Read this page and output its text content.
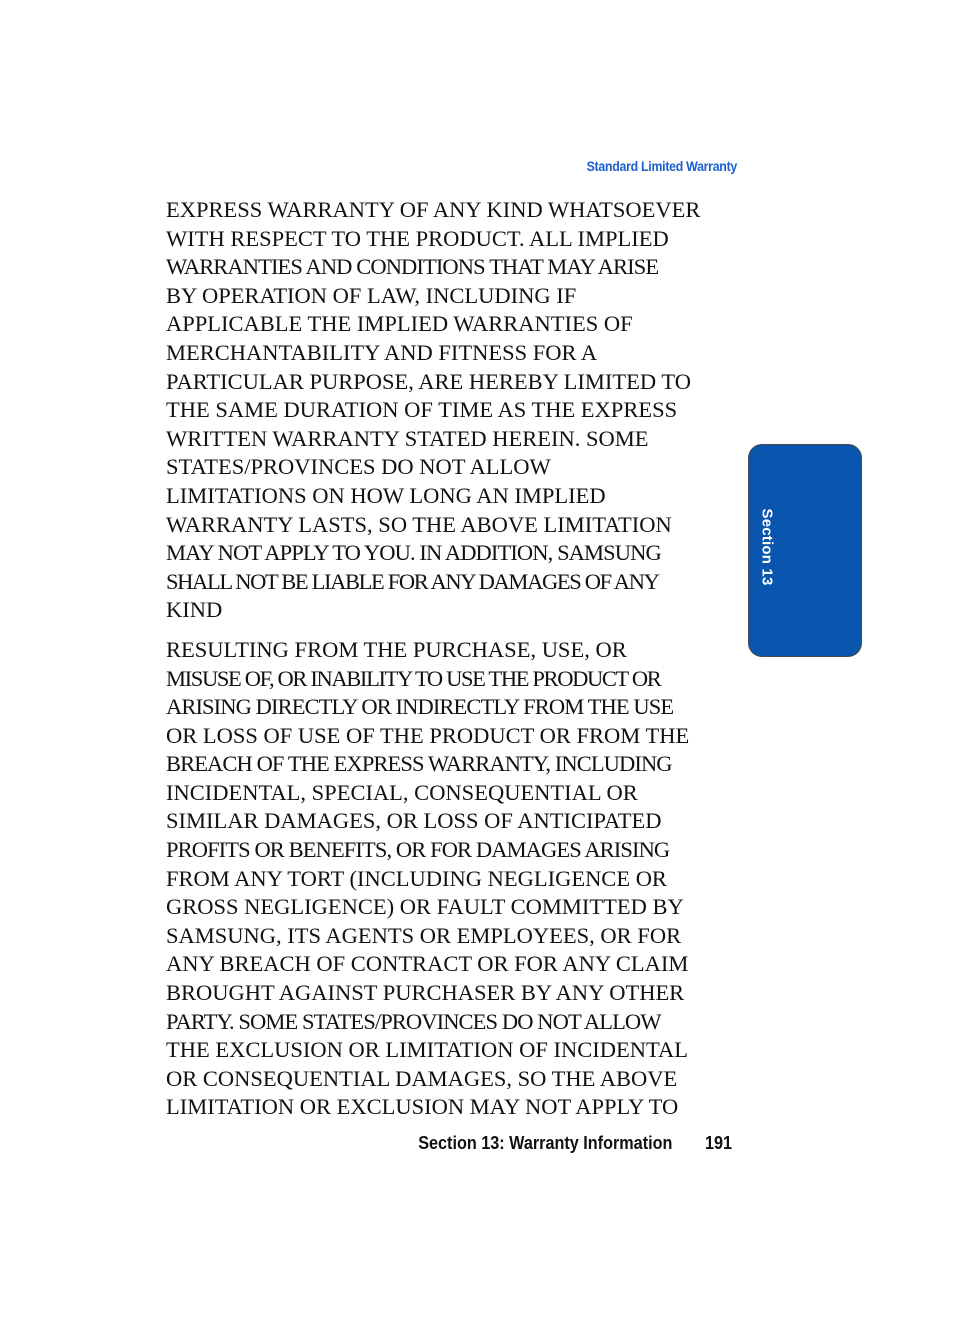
Standard Limited Warranty

EXPRESS WARRANTY OF ANY KIND WHATSOEVER
WITH RESPECT TO THE PRODUCT. ALL IMPLIED
WARRANTIES AND CONDITIONS THAT MAY ARISE
BY OPERATION OF LAW, INCLUDING IF
APPLICABLE THE IMPLIED WARRANTIES OF
MERCHANTABILITY AND FITNESS FOR A
PARTICULAR PURPOSE, ARE HEREBY LIMITED TO
THE SAME DURATION OF TIME AS THE EXPRESS
WRITTEN WARRANTY STATED HEREIN. SOME
STATES/PROVINCES DO NOT ALLOW
LIMITATIONS ON HOW LONG AN IMPLIED
WARRANTY LASTS, SO THE ABOVE LIMITATION
MAY NOT APPLY TO YOU. IN ADDITION, SAMSUNG
SHALL NOT BE LIABLE FOR ANY DAMAGES OF ANY
KIND

RESULTING FROM THE PURCHASE, USE, OR
MISUSE OF, OR INABILITY TO USE THE PRODUCT OR
ARISING DIRECTLY OR INDIRECTLY FROM THE USE
OR LOSS OF USE OF THE PRODUCT OR FROM THE
BREACH OF THE EXPRESS WARRANTY, INCLUDING
INCIDENTAL, SPECIAL, CONSEQUENTIAL OR
SIMILAR DAMAGES, OR LOSS OF ANTICIPATED
PROFITS OR BENEFITS, OR FOR DAMAGES ARISING
FROM ANY TORT (INCLUDING NEGLIGENCE OR
GROSS NEGLIGENCE) OR FAULT COMMITTED BY
SAMSUNG, ITS AGENTS OR EMPLOYEES, OR FOR
ANY BREACH OF CONTRACT OR FOR ANY CLAIM
BROUGHT AGAINST PURCHASER BY ANY OTHER
PARTY. SOME STATES/PROVINCES DO NOT ALLOW
THE EXCLUSION OR LIMITATION OF INCIDENTAL
OR CONSEQUENTIAL DAMAGES, SO THE ABOVE
LIMITATION OR EXCLUSION MAY NOT APPLY TO

Section 13
Section 13: Warranty Information 191
